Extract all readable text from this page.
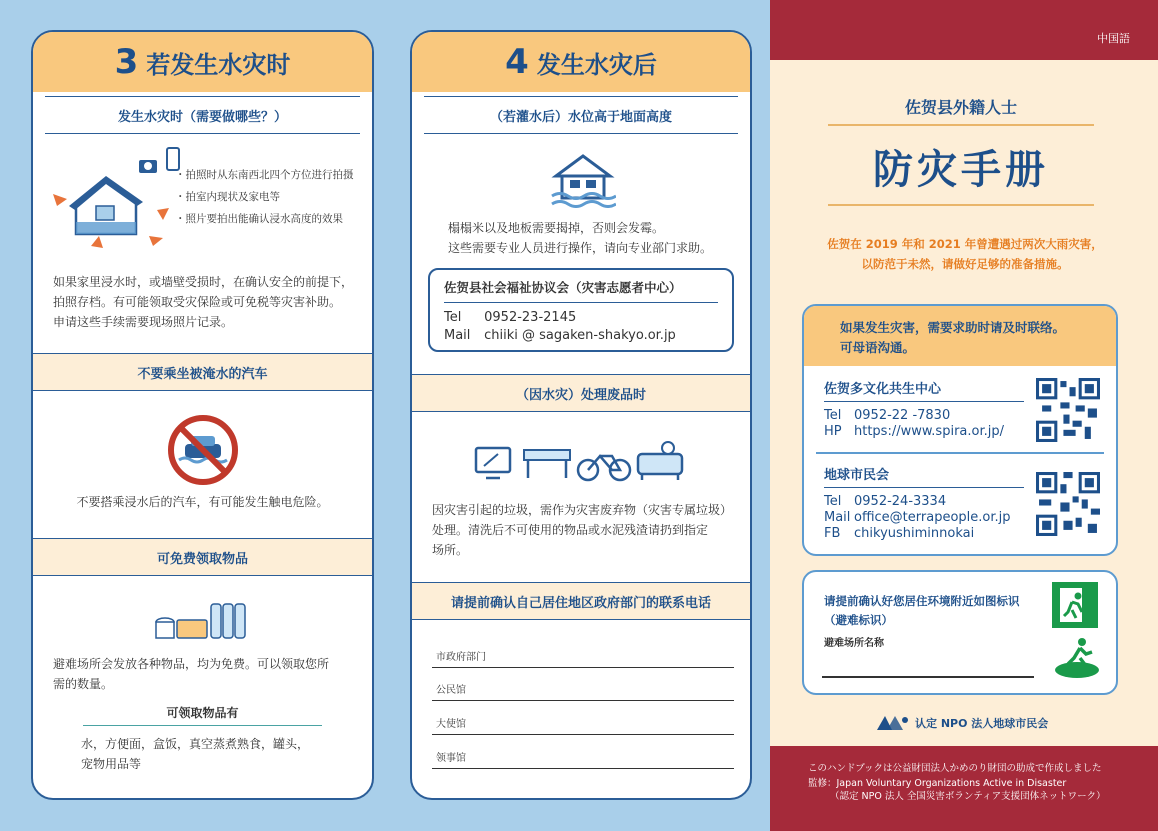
3 若发生水灾时
发生水灾时（需要做哪些？）
・ 拍照时从东南西北四个方位进行拍摄
・ 拍室内现状及家电等
・ 照片要拍出能确认浸水高度的效果
如果家里浸水时，或墙壁受损时，在确认安全的前提下，
拍照存档。有可能领取受灾保险或可免税等灾害补助。
申请这些手续需要现场照片记录。
不要乘坐被淹水的汽车
不要搭乘浸水后的汽车，有可能发生触电危险。
可免费领取物品
避难场所会发放各种物品，均为免费。可以领取您所
需的数量。
可领取物品有
水，方便面，盒饭，真空蒸煮熟食，罐头，
宠物用品等
4 发生水灾后
（若灌水后）水位高于地面高度
榻榻米以及地板需要揭掉，否则会发霉。
这些需要专业人员进行操作，请向专业部门求助。
佐贺县社会福祉协议会（灾害志愿者中心）
Tel 0952-23-2145
Mail chiiki @ sagaken-shakyo.or.jp
（因水灾）处理废品时
因灾害引起的垃圾，需作为灾害废弃物（灾害专属垃圾）
处理。清洗后不可使用的物品或水泥残渣请扔到指定
场所。
请提前确认自己居住地区政府部门的联系电话
市政府部门
公民馆
大使馆
领事馆
中国語
佐贺县外籍人士
防灾手册
佐贺在 2019 年和 2021 年曾遭遇过两次大雨灾害，
以防范于未然，请做好足够的准备措施。
如果发生灾害，需要求助时请及时联络。
可母语沟通。
佐贺多文化共生中心
Tel 0952-22 -7830
HP https://www.spira.or.jp/
地球市民会
Tel 0952-24-3334
Mail office@terrapeople.or.jp
FB chikyushiminnokai
请提前确认好您居住环境附近如图标识
（避难标识）
避难场所名称
认定 NPO 法人地球市民会
このハンドブックは公益財団法人かめのり財団の助成で作成しました
監修：Japan Voluntary Organizations Active in Disaster
（認定 NPO 法人 全国災害ボランティア支援団体ネットワーク）
